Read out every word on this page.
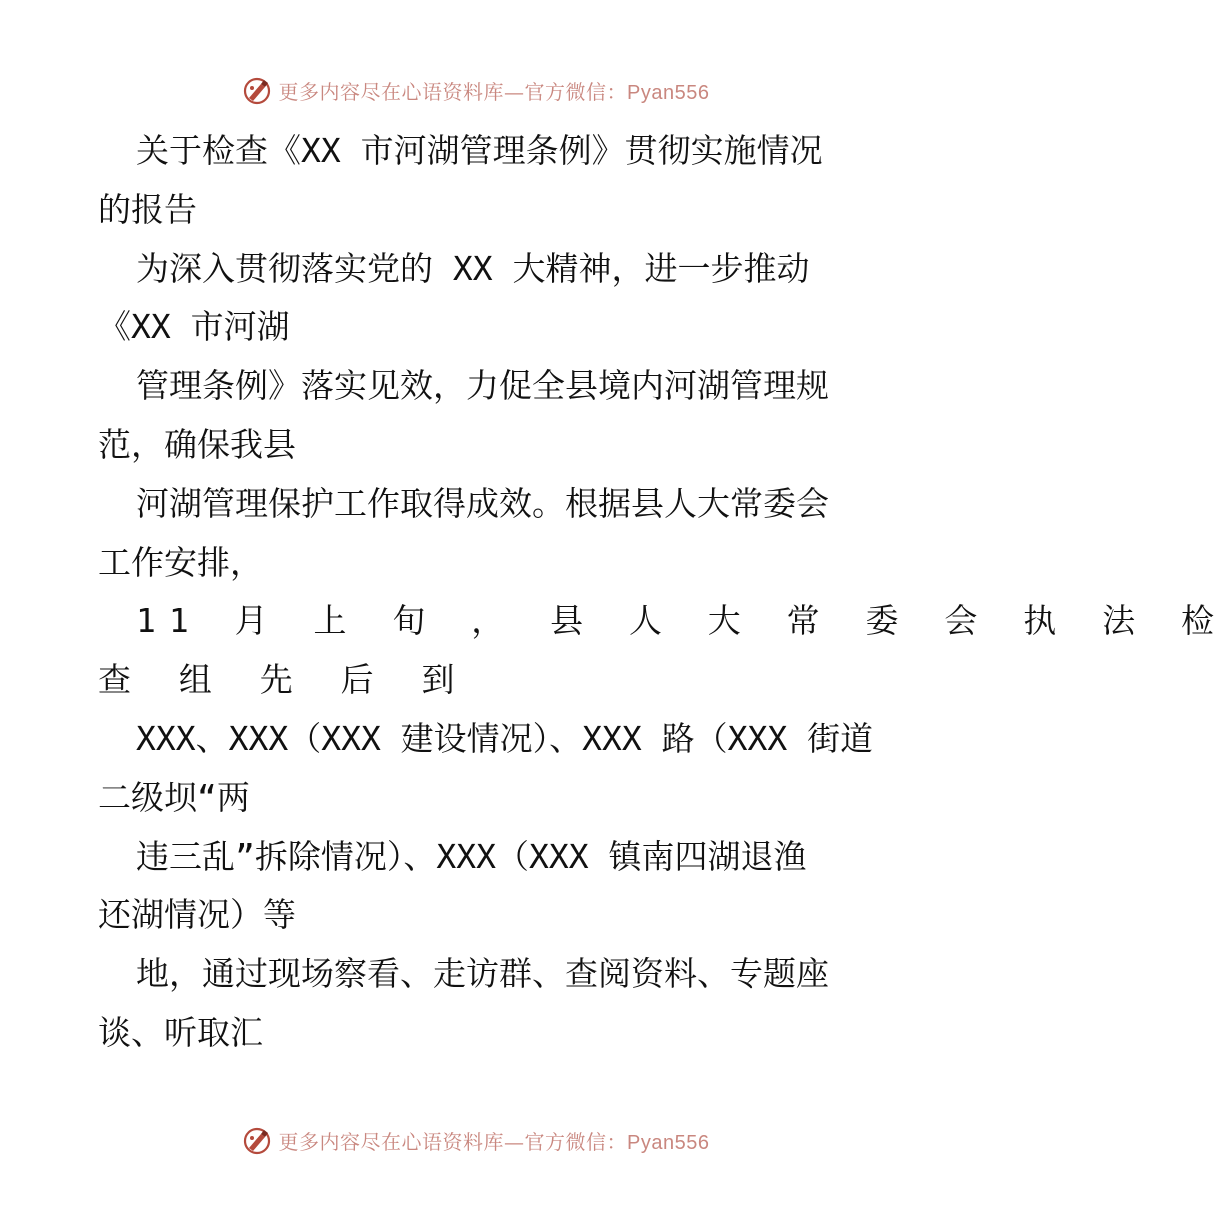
更多内容尽在心语资料库—官方微信：Pyan556
关于检查《XX 市河湖管理条例》贯彻实施情况
的报告
为深入贯彻落实党的 XX 大精神，进一步推动
《XX 市河湖
管理条例》落实见效，力促全县境内河湖管理规
范，确保我县
河湖管理保护工作取得成效。根据县人大常委会
工作安排，
11 月 上 旬 ， 县 人 大 常 委 会 执 法 检
查 组 先 后 到
XXX、XXX（XXX 建设情况）、XXX 路（XXX 街道
二级坝“两
违三乱”拆除情况）、XXX（XXX 镇南四湖退渔
还湖情况）等
地，通过现场察看、走访群、查阅资料、专题座
谈、听取汇
更多内容尽在心语资料库—官方微信：Pyan556
